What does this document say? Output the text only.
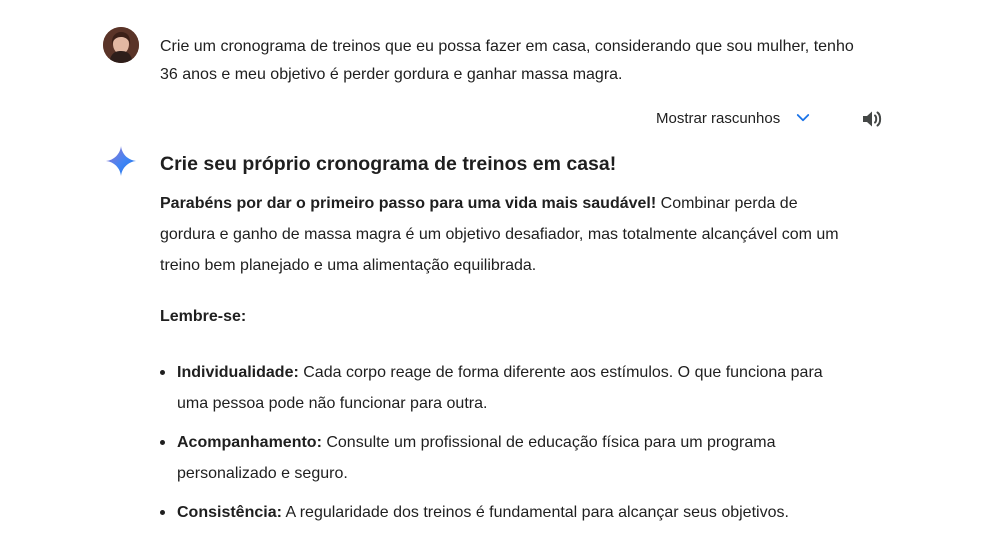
Crie um cronograma de treinos que eu possa fazer em casa, considerando que sou mulher, tenho 36 anos e meu objetivo é perder gordura e ganhar massa magra.
Mostrar rascunhos
Crie seu próprio cronograma de treinos em casa!

Parabéns por dar o primeiro passo para uma vida mais saudável! Combinar perda de gordura e ganho de massa magra é um objetivo desafiador, mas totalmente alcançável com um treino bem planejado e uma alimentação equilibrada.

Lembre-se:
Individualidade: Cada corpo reage de forma diferente aos estímulos. O que funciona para uma pessoa pode não funcionar para outra.
Acompanhamento: Consulte um profissional de educação física para um programa personalizado e seguro.
Consistência: A regularidade dos treinos é fundamental para alcançar seus objetivos.
